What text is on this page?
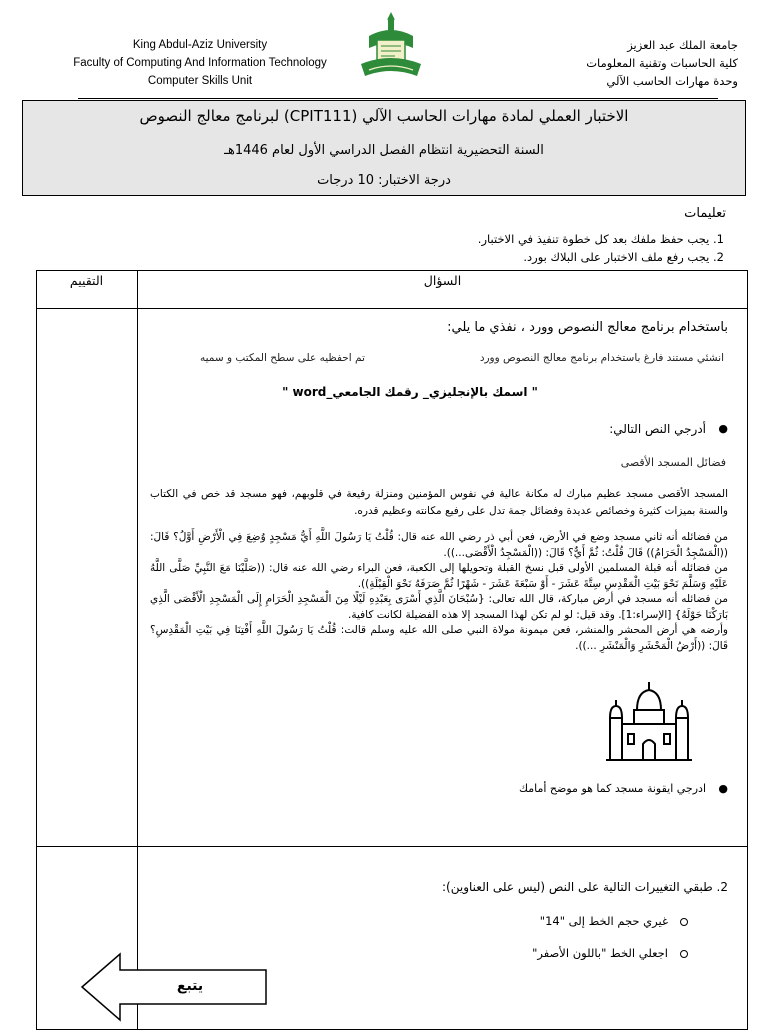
King Abdul-Aziz University
Faculty of Computing And Information Technology
Computer Skills Unit
جامعة الملك عبد العزيز
كلية الحاسبات وتقنية المعلومات
وحدة مهارات الحاسب الآلي
الاختبار العملي لمادة مهارات الحاسب الآلي (CPIT111) لبرنامج معالج النصوص
السنة التحضيرية انتظام الفصل الدراسي الأول لعام 1446هـ
درجة الاختبار: 10 درجات
تعليمات
1. يجب حفظ ملفك بعد كل خطوة تنفيذ في الاختبار.
2. يجب رفع ملف الاختبار على البلاك بورد.
السؤال
التقييم
باستخدام برنامج معالج النصوص وورد ، نفذي ما يلي:
انشئي مستند فارغ باستخدام برنامج معالج النصوص وورد
تم احفظيه على سطح المكتب و سميه
" اسمك بالإنجليزي_ رقمك الجامعي_word "
●
أدرجي النص التالي:
فضائل المسجد الأقصى
المسجد الأقصى مسجد عظيم مبارك له مكانة عالية في نفوس المؤمنين ومنزلة رفيعة في قلوبهم، فهو مسجد قد خص في الكتاب والسنة بميزات كثيرة وخصائص عديدة وفضائل جمة تدل على رفيع مكانته وعظيم قدره.
من فضائله أنه ثاني مسجد وضع في الأرض، فعن أبي ذر رضي الله عنه قال: قُلْتُ يَا رَسُولَ اللَّهِ أَيُّ مَسْجِدٍ وُضِعَ فِي الْأَرْضِ أَوَّلُ؟ قَالَ: ((الْمَسْجِدُ الْحَرَامُ)) قَالَ قُلْتُ: ثُمَّ أَيٌّ؟ قَالَ: ((الْمَسْجِدُ الْأَقْصَى...)).
من فضائله أنه قبلة المسلمين الأولى قبل نسخ القبلة وتحويلها إلى الكعبة، فعن البراء رضي الله عنه قال: ((صَلَّيْنَا مَعَ النَّبِيِّ صَلَّى اللَّهُ عَلَيْهِ وَسَلَّمَ نَحْوَ بَيْتِ الْمَقْدِسِ سِتَّةَ عَشَرَ - أَوْ سَبْعَةَ عَشَرَ - شَهْرًا ثُمَّ صَرَفَهُ نَحْوَ الْقِبْلَةِ)).
من فضائله أنه مسجد في أرض مباركة، قال الله تعالى: {سُبْحَانَ الَّذِي أَسْرَى بِعَبْدِهِ لَيْلًا مِنَ الْمَسْجِدِ الْحَرَامِ إِلَى الْمَسْجِدِ الْأَقْصَى الَّذِي بَارَكْنَا حَوْلَهُ} [الإسراء:1]. وقد قيل: لو لم تكن لهذا المسجد إلا هذه الفضيلة لكانت كافية.
وأرضه هي أرض المحشر والمنشر، فعن ميمونة مولاة النبي صلى الله عليه وسلم قالت: قُلْتُ يَا رَسُولَ اللَّهِ أَفْتِنَا فِي بَيْتِ الْمَقْدِسِ؟ قَالَ: ((أَرْضُ الْمَحْشَرِ وَالْمَنْشَرِ ...)).
●
ادرجي ايقونة مسجد كما هو موضح أمامك
2. طبقي التغييرات التالية على النص (ليس على العناوين):
غيري حجم الخط إلى "14"
اجعلي الخط "باللون الأصفر"
يتبع
